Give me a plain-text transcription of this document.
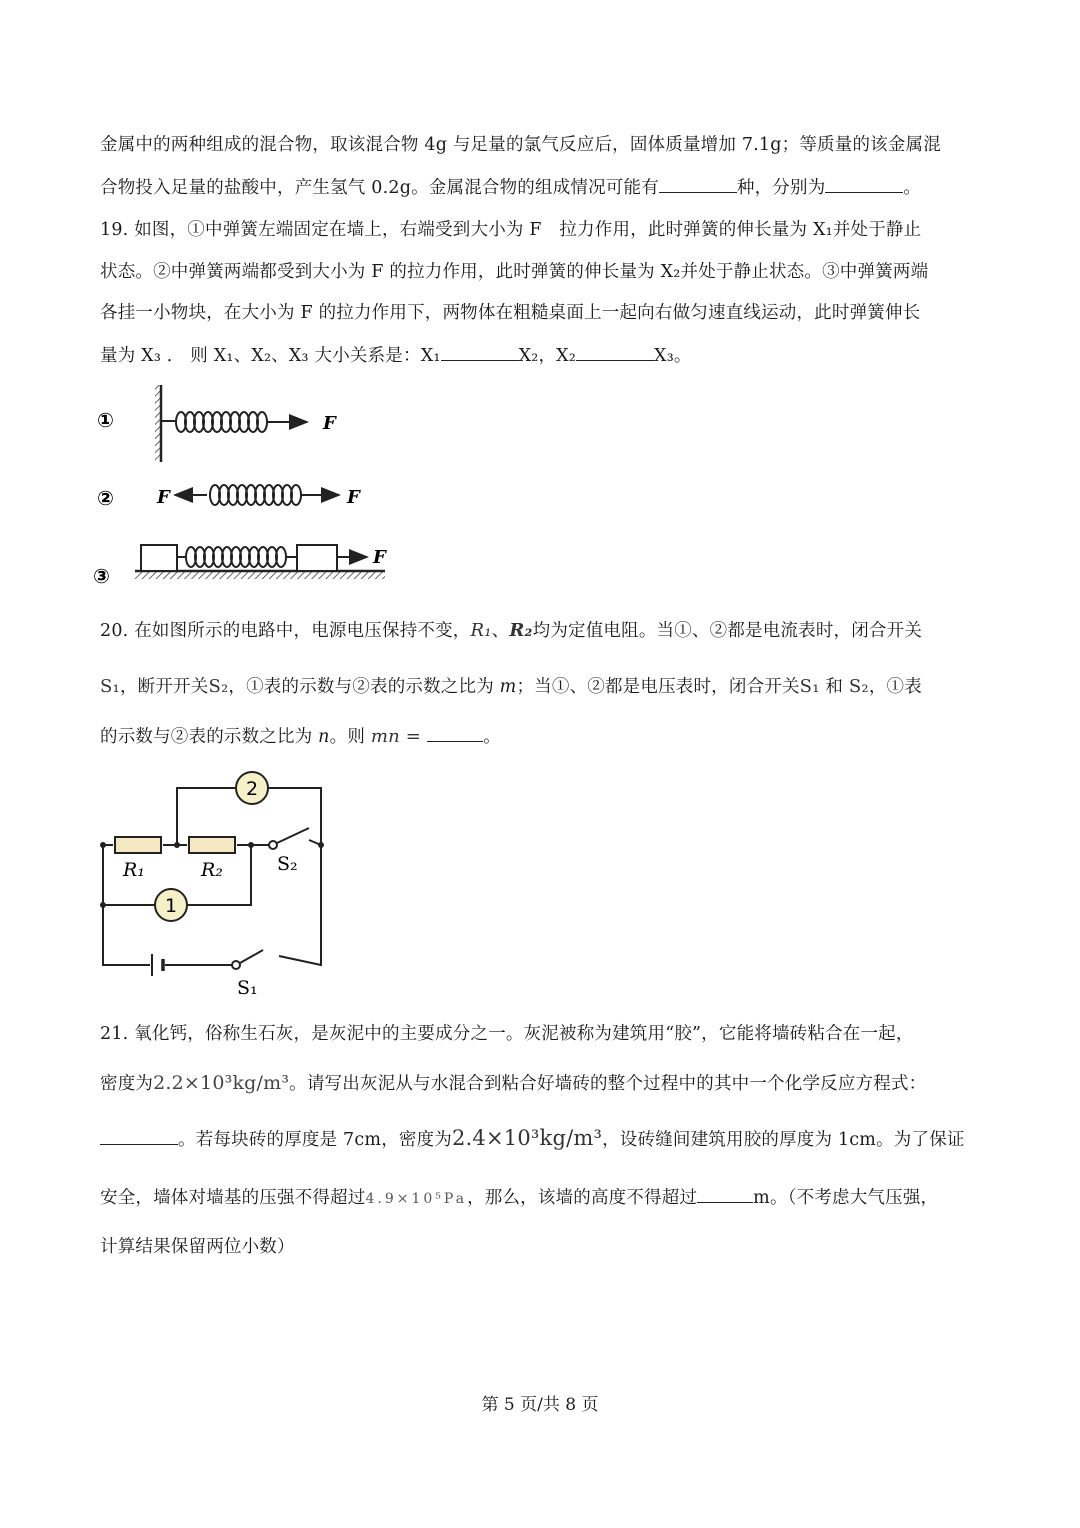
金属中的两种组成的混合物，取该混合物 4g 与足量的氯气反应后，固体质量增加 7.1g；等质量的该金属混
合物投入足量的盐酸中，产生氢气 0.2g。金属混合物的组成情况可能有	种，分别为	。
19. 如图，①中弹簧左端固定在墙上，右端受到大小为 F　拉力作用，此时弹簧的伸长量为 X₁并处于静止
状态。②中弹簧两端都受到大小为 F 的拉力作用，此时弹簧的伸长量为 X₂并处于静止状态。③中弹簧两端
各挂一小物块，在大小为 F 的拉力作用下，两物体在粗糙桌面上一起向右做匀速直线运动，此时弹簧伸长
量为 X₃ ． 则 X₁、X₂、X₃ 大小关系是：X₁	X₂，X₂	X₃。
①
②
③
F
F	F
F
20. 在如图所示的电路中，电源电压保持不变，R₁、R₂均为定值电阻。当①、②都是电流表时，闭合开关
S₁，断开开关S₂，①表的示数与②表的示数之比为 m；当①、②都是电压表时，闭合开关S₁ 和 S₂，①表
的示数与②表的示数之比为 n。则 mn =	。
2
1
R₁	R₂	S₂
S₁
21. 氧化钙，俗称生石灰，是灰泥中的主要成分之一。灰泥被称为建筑用“胶”，它能将墙砖粘合在一起，
密度为2.2×10³kg/m³。请写出灰泥从与水混合到粘合好墙砖的整个过程中的其中一个化学反应方程式：
。若每块砖的厚度是 7cm，密度为2.4×10³kg/m³，设砖缝间建筑用胶的厚度为 1cm。为了保证
安全，墙体对墙基的压强不得超过4.9×10⁵Pa，那么，该墙的高度不得超过	m。（不考虑大气压强，
计算结果保留两位小数）
第 5 页/共 8 页
